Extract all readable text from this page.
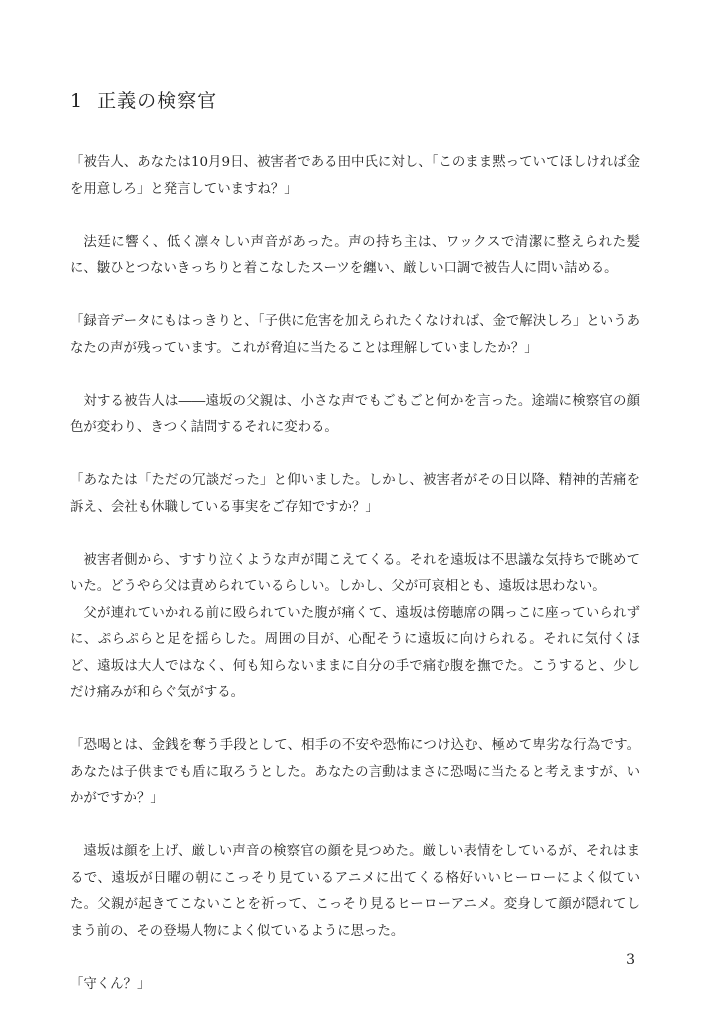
1 正義の検察官

「被告人、あなたは10月9日、被害者である田中氏に対し、「このまま黙っていてほしければ金を用意しろ」と発言していますね？」

法廷に響く、低く凛々しい声音があった。声の持ち主は、ワックスで清潔に整えられた髪に、皺ひとつないきっちりと着こなしたスーツを纏い、厳しい口調で被告人に問い詰める。

「録音データにもはっきりと、「子供に危害を加えられたくなければ、金で解決しろ」というあなたの声が残っています。これが脅迫に当たることは理解していましたか？」

対する被告人は――遠坂の父親は、小さな声でもごもごと何かを言った。途端に検察官の顔色が変わり、きつく詰問するそれに変わる。

「あなたは「ただの冗談だった」と仰いました。しかし、被害者がその日以降、精神的苦痛を訴え、会社も休職している事実をご存知ですか？」

被害者側から、すすり泣くような声が聞こえてくる。それを遠坂は不思議な気持ちで眺めていた。どうやら父は責められているらしい。しかし、父が可哀相とも、遠坂は思わない。

父が連れていかれる前に殴られていた腹が痛くて、遠坂は傍聴席の隅っこに座っていられずに、ぷらぷらと足を揺らした。周囲の目が、心配そうに遠坂に向けられる。それに気付くほど、遠坂は大人ではなく、何も知らないままに自分の手で痛む腹を撫でた。こうすると、少しだけ痛みが和らぐ気がする。

「恐喝とは、金銭を奪う手段として、相手の不安や恐怖につけ込む、極めて卑劣な行為です。あなたは子供までも盾に取ろうとした。あなたの言動はまさに恐喝に当たると考えますが、いかがですか？」

遠坂は顔を上げ、厳しい声音の検察官の顔を見つめた。厳しい表情をしているが、それはまるで、遠坂が日曜の朝にこっそり見ているアニメに出てくる格好いいヒーローによく似ていた。父親が起きてこないことを祈って、こっそり見るヒーローアニメ。変身して顔が隠れてしまう前の、その登場人物によく似ているように思った。

「守くん？」

3
